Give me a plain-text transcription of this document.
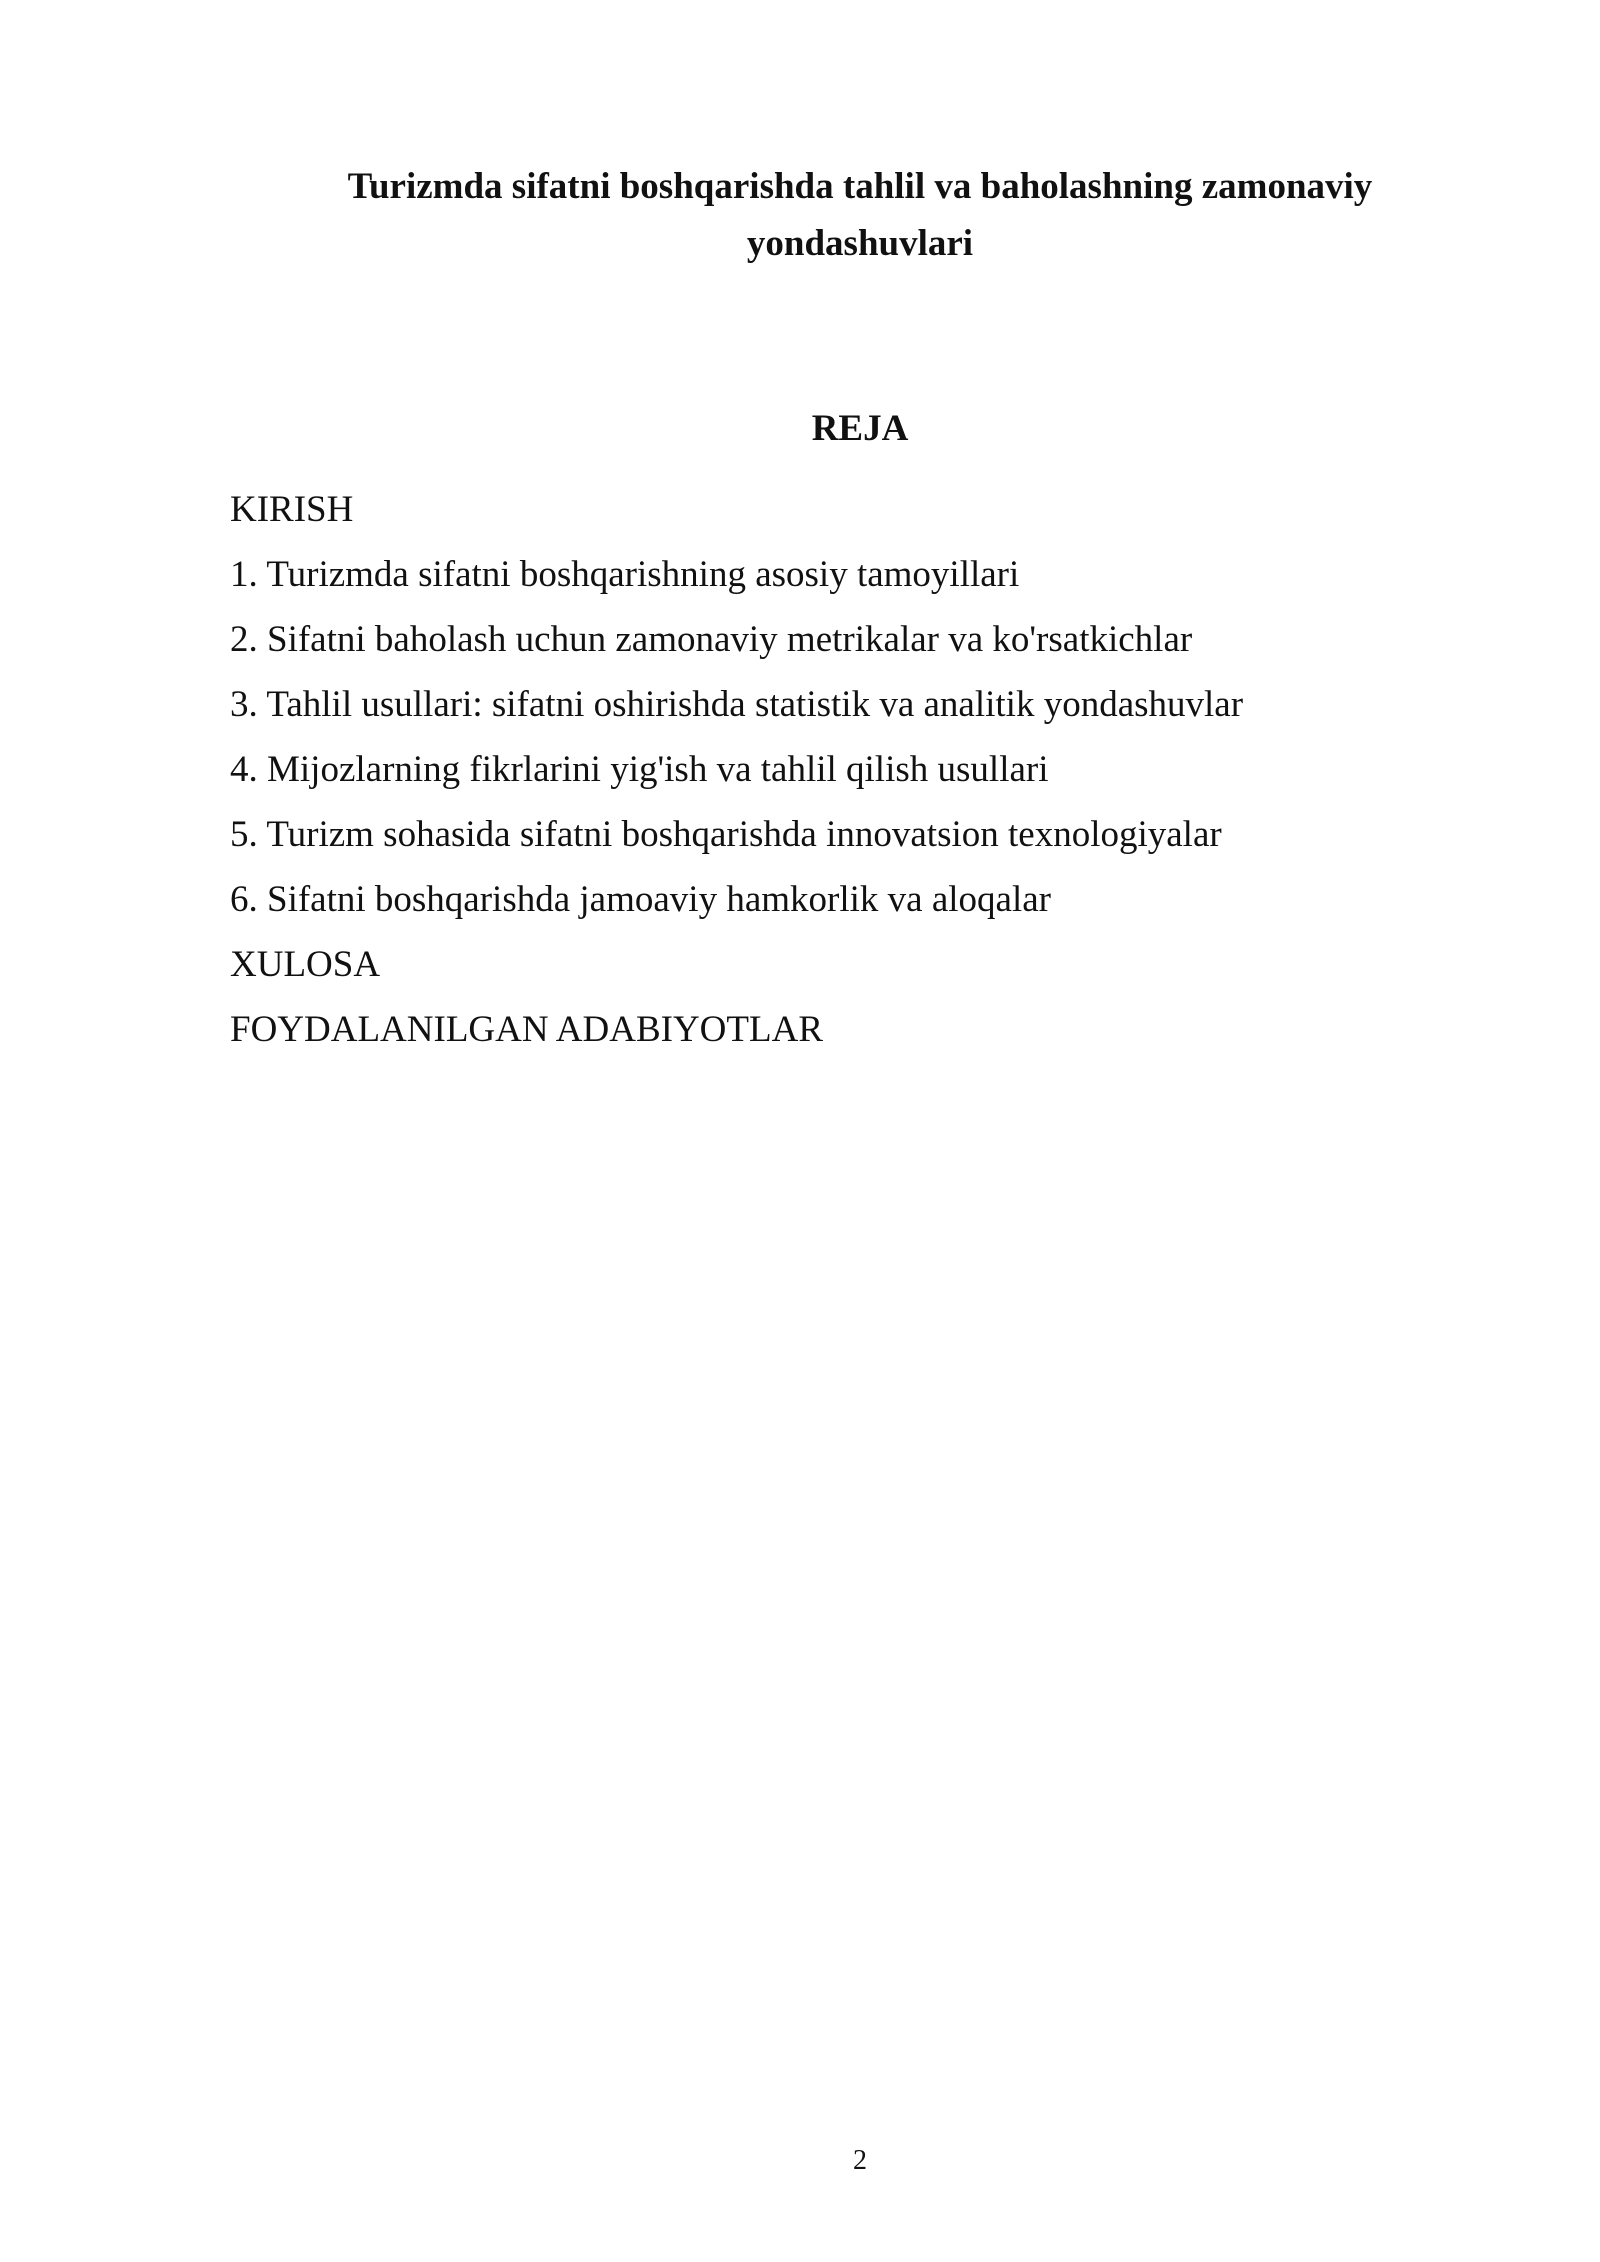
Turizmda sifatni boshqarishda tahlil va baholashning zamonaviy yondashuvlari
REJA
KIRISH
1. Turizmda sifatni boshqarishning asosiy tamoyillari
2. Sifatni baholash uchun zamonaviy metrikalar va ko'rsatkichlar
3. Tahlil usullari: sifatni oshirishda statistik va analitik yondashuvlar
4. Mijozlarning fikrlarini yig'ish va tahlil qilish usullari
5. Turizm sohasida sifatni boshqarishda innovatsion texnologiyalar
6. Sifatni boshqarishda jamoaviy hamkorlik va aloqalar
XULOSA
FOYDALANILGAN ADABIYOTLAR
2
